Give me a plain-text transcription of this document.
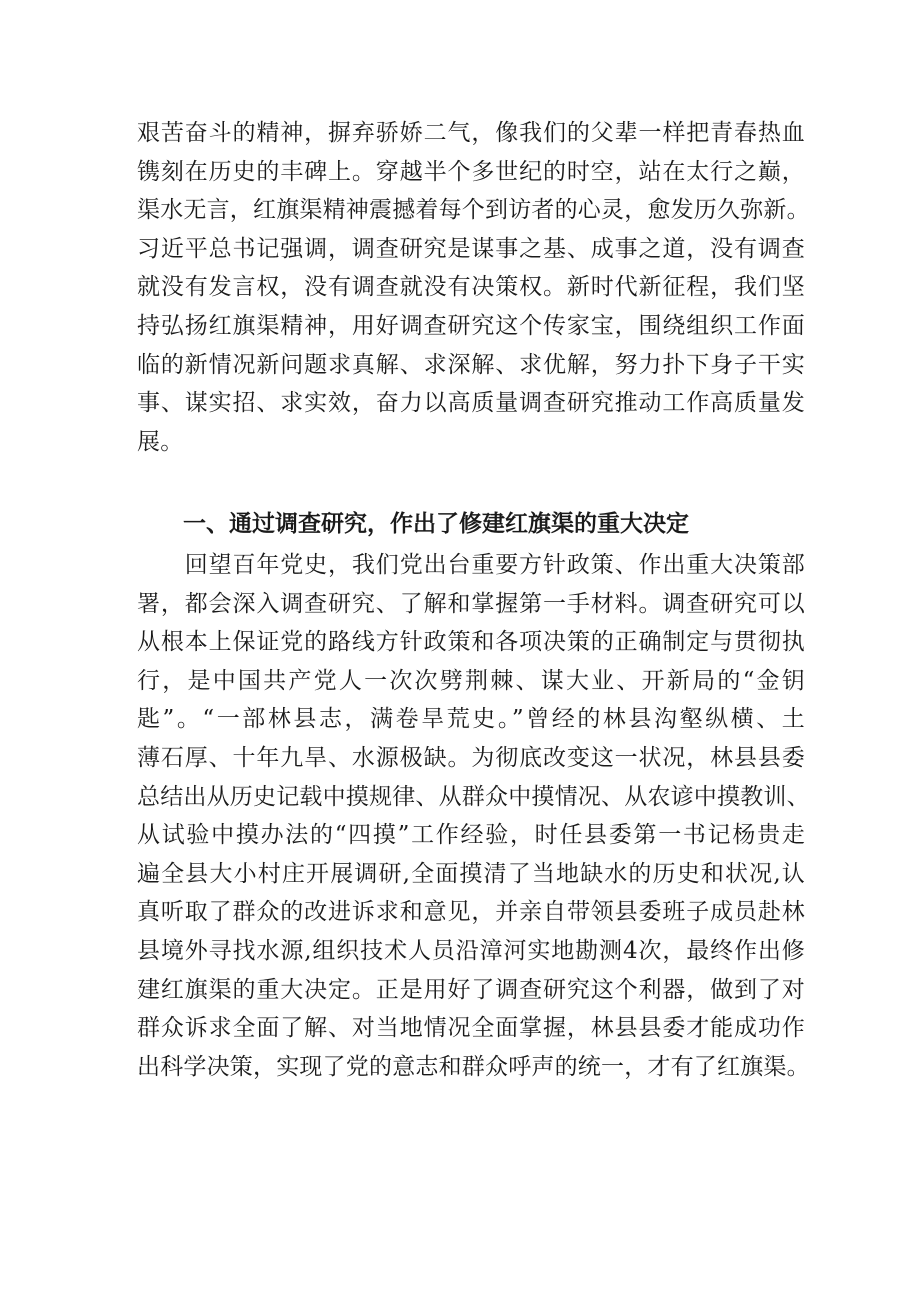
艰苦奋斗的精神，摒弃骄娇二气，像我们的父辈一样把青春热血
镌刻在历史的丰碑上。穿越半个多世纪的时空，站在太行之巅，
渠水无言，红旗渠精神震撼着每个到访者的心灵，愈发历久弥新。
习近平总书记强调，调查研究是谋事之基、成事之道，没有调查
就没有发言权，没有调查就没有决策权。新时代新征程，我们坚
持弘扬红旗渠精神，用好调查研究这个传家宝，围绕组织工作面
临的新情况新问题求真解、求深解、求优解，努力扑下身子干实
事、谋实招、求实效，奋力以高质量调查研究推动工作高质量发
展。
一、通过调查研究，作出了修建红旗渠的重大决定
　　回望百年党史，我们党出台重要方针政策、作出重大决策部
署，都会深入调查研究、了解和掌握第一手材料。调查研究可以
从根本上保证党的路线方针政策和各项决策的正确制定与贯彻执
行，是中国共产党人一次次劈荆棘、谋大业、开新局的“金钥
匙”。“一部林县志，满卷旱荒史。”曾经的林县沟壑纵横、土
薄石厚、十年九旱、水源极缺。为彻底改变这一状况，林县县委
总结出从历史记载中摸规律、从群众中摸情况、从农谚中摸教训、
从试验中摸办法的“四摸”工作经验，时任县委第一书记杨贵走
遍全县大小村庄开展调研,全面摸清了当地缺水的历史和状况,认
真听取了群众的改进诉求和意见，并亲自带领县委班子成员赴林
县境外寻找水源,组织技术人员沿漳河实地勘测4次，最终作出修
建红旗渠的重大决定。正是用好了调查研究这个利器，做到了对
群众诉求全面了解、对当地情况全面掌握，林县县委才能成功作
出科学决策，实现了党的意志和群众呼声的统一，才有了红旗渠。
